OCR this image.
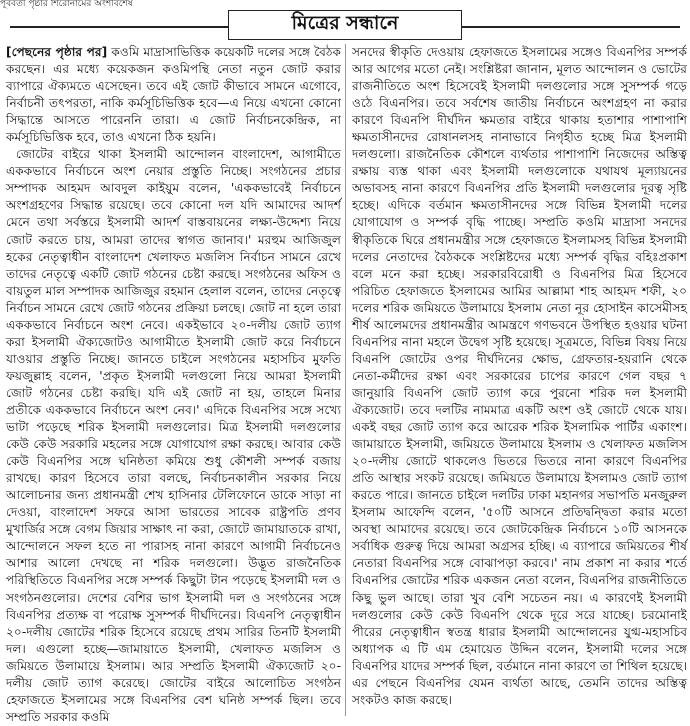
পূর্ববর্তী পৃষ্ঠার শিরোনামের অংশবিশেষ
মিত্রের সন্ধানে

[পেছনের পৃষ্ঠার পর] কওমি মাদ্রাসাভিত্তিক কয়েকটি দলের সঙ্গে বৈঠক করছেন। এর মধ্যে কয়েকজন কওমিপন্থি নেতা নতুন জোট করার ব্যাপারে ঐক্যমতে এসেছেন। তবে এই জোট কীভাবে সামনে এগোবে, নির্বাচনী তৎপরতা, নাকি কর্মসূচিভিত্তিক হবে—এ নিয়ে এখনো কোনো সিদ্ধান্তে আসতে পারেননি তারা। এ জোট নির্বাচনকেন্দ্রিক, না কর্মসূচিভিত্তিক হবে, তাও এখনো ঠিক হয়নি।

জোটের বাইরে থাকা ইসলামী আন্দোলন বাংলাদেশ, আগামীতে এককভাবে নির্বাচনে অংশ নেয়ার প্রস্তুতি নিচ্ছে। সংগঠনের প্রচার সম্পাদক আহমদ আবদুল কাইয়ুম বলেন, 'এককভাবেই নির্বাচনে অংশগ্রহণের সিদ্ধান্ত রয়েছে। তবে কোনো দল যদি আমাদের আদর্শ মেনে তথা সর্বস্তরে ইসলামী আদর্শ বাস্তবায়নের লক্ষ্য-উদ্দেশ্য নিয়ে জোট করতে চায়, আমরা তাদের স্বাগত জানাব।' মরহুম আজিজুল হকের নেতৃত্বাধীন বাংলাদেশ খেলাফত মজলিস নির্বাচন সামনে রেখে তাদের নেতৃত্বে একটি জোট গঠনের চেষ্টা করছে। সংগঠনের অফিস ও বায়তুল মাল সম্পাদক আজিজুর রহমান হেলাল বলেন, তাদের নেতৃত্বে নির্বাচন সামনে রেখে জোট গঠনের প্রক্রিয়া চলছে। জোট না হলে তারা এককভাবে নির্বাচনে অংশ নেবে। একইভাবে ২০-দলীয় জোট ত্যাগ করা ইসলামী ঐক্যজোটও আগামীতে ইসলামী জোট করে নির্বাচনে যাওয়ার প্রস্তুতি নিচ্ছে। জানতে চাইলে সংগঠনের মহাসচিব মুফতি ফয়জুল্লাহ বলেন, 'প্রকৃত ইসলামী দলগুলো নিয়ে আমরা ইসলামী জোট গঠনের চেষ্টা করছি। যদি এই জোট না হয়, তাহলে মিনার প্রতীকে এককভাবে নির্বাচনে অংশ নেব।' এদিকে বিএনপির সঙ্গে সখ্যে ভাটা পড়েছে শরিক ইসলামী দলগুলোর। মিত্র ইসলামী দলগুলোর কেউ কেউ সরকারি মহলের সঙ্গে যোগাযোগ রক্ষা করছে। আবার কেউ কেউ বিএনপির সঙ্গে ঘনিষ্ঠতা কমিয়ে শুধু কৌশলী সম্পর্ক বজায় রাখছে। কারণ হিসেবে তারা বলছে, নির্বাচনকালীন সরকার নিয়ে আলোচনার জন্য প্রধানমন্ত্রী শেখ হাসিনার টেলিফোনে ডাকে সাড়া না দেওয়া, বাংলাদেশ সফরে আসা ভারতের সাবেক রাষ্ট্রপতি প্রণব মুখার্জির সঙ্গে বেগম জিয়ার সাক্ষাৎ না করা, জোটে জামায়াতকে রাখা, আন্দোলনে সফল হতে না পারাসহ নানা কারণে আগামী নির্বাচনেও আশার আলো দেখছে না শরিক দলগুলো। উদ্ভূত রাজনৈতিক পরিস্থিতিতে বিএনপির সঙ্গে সম্পর্ক কিছুটা টান পড়েছে ইসলামী দল ও সংগঠনগুলোর। দেশের বেশির ভাগ ইসলামী দল ও সংগঠনের সঙ্গে বিএনপির প্রত্যক্ষ বা পরোক্ষ সুসম্পর্ক দীর্ঘদিনের। বিএনপি নেতৃত্বাধীন ২০-দলীয় জোটের শরিক হিসেবে রয়েছে প্রথম সারির তিনটি ইসলামী দল। এগুলো হচ্ছে—জামায়াতে ইসলামী, খেলাফত মজলিস ও জমিয়তে উলামায়ে ইসলাম। আর সম্প্রতি ইসলামী ঐক্যজোট ২০-দলীয় জোট ত্যাগ করেছে। জোটের বাইরে আলোচিত সংগঠন হেফাজতে ইসলামের সঙ্গে বিএনপির বেশ ঘনিষ্ঠ সম্পর্ক ছিল। তবে সম্প্রতি সরকার কওমি

সনদের স্বীকৃতি দেওয়ায় হেফাজতে ইসলামের সঙ্গেও বিএনপির সম্পর্ক আর আগের মতো নেই। সংশ্লিষ্টরা জানান, মূলত আন্দোলন ও ভোটের রাজনীতিতে অংশ হিসেবেই ইসলামী দলগুলোর সঙ্গে সুসম্পর্ক গড়ে ওঠে বিএনপির। তবে সর্বশেষ জাতীয় নির্বাচনে অংশগ্রহণ না করার কারণে বিএনপি দীর্ঘদিন ক্ষমতার বাইরে থাকায় হতাশার পাশাপাশি ক্ষমতাসীনদের রোষানলসহ নানাভাবে নিগৃহীত হচ্ছে মিত্র ইসলামী দলগুলো। রাজনৈতিক কৌশলে ব্যর্থতার পাশাপাশি নিজেদের অস্তিত্ব রক্ষায় ব্যস্ত থাকা এবং ইসলামী দলগুলোকে যথাযথ মূল্যায়নের অভাবসহ নানা কারণে বিএনপির প্রতি ইসলামী দলগুলোর দূরত্ব সৃষ্টি হচ্ছে। এদিকে বর্তমান ক্ষমতাসীনদের সঙ্গে বিভিন্ন ইসলামী দলের যোগাযোগ ও সম্পর্ক বৃদ্ধি পাচ্ছে। সম্প্রতি কওমি মাদ্রাসা সনদের স্বীকৃতিকে ঘিরে প্রধানমন্ত্রীর সঙ্গে হেফাজতে ইসলামসহ বিভিন্ন ইসলামী দলের নেতাদের বৈঠককে সংশ্লিষ্টদের মধ্যে সম্পর্ক বৃদ্ধির বহিঃপ্রকাশ বলে মনে করা হচ্ছে। সরকারবিরোধী ও বিএনপির মিত্র হিসেবে পরিচিত হেফাজতে ইসলামের আমির আল্লামা শাহ আহমদ শফী, ২০ দলের শরিক জমিয়তে উলামায়ে ইসলাম নেতা নূর হোসাইন কাসেমীসহ শীর্ষ আলেমদের প্রধানমন্ত্রীর আমন্ত্রণে গণভবনে উপস্থিত হওয়ার ঘটনা বিএনপির নানা মহলে উদ্বেগ সৃষ্টি হয়েছে। সূত্রমতে, বিভিন্ন বিষয় নিয়ে বিএনপি জোটের ওপর দীর্ঘদিনের ক্ষোভ, গ্রেফতার-হয়রানি থেকে নেতা-কর্মীদের রক্ষা এবং সরকারের চাপের কারণে গেল বছর ৭ জানুয়ারি বিএনপি জোট ত্যাগ করে পুরনো শরিক দল ইসলামী ঐক্যজোট। তবে দলটির নামমাত্র একটি অংশ ওই জোটে থেকে যায়। একই বছর জোট ত্যাগ করে আরেক শরিক ইসলামিক পার্টির একাংশ। জামায়াতে ইসলামী, জমিয়তে উলামায়ে ইসলাম ও খেলাফত মজলিস ২০-দলীয় জোটে থাকলেও ভিতরে ভিতরে নানা কারণে বিএনপির প্রতি আস্থার সংকট রয়েছে। জমিয়তে উলামায়ে ইসলামও জোট ত্যাগ করতে পারে। জানতে চাইলে দলটির ঢাকা মহানগর সভাপতি মনজুরুল ইসলাম আফেন্দি বলেন, '৫০টি আসনে প্রতিদ্বন্দ্বিতা করার মতো অবস্থা আমাদের রয়েছে। তবে জোটকেন্দ্রিক নির্বাচনে ১০টি আসনকে সর্বাধিক গুরুত্ব দিয়ে আমরা অগ্রসর হচ্ছি। এ ব্যাপারে জমিয়তের শীর্ষ নেতারা বিএনপির সঙ্গে বোঝাপড়া করবে।' নাম প্রকাশ না করার শর্তে বিএনপির জোটের শরিক একজন নেতা বলেন, বিএনপির রাজনীতিতে কিছু ভুল আছে। তারা খুব বেশি সচেতন নয়। এ কারণেই ইসলামী দলগুলোর কেউ কেউ বিএনপি থেকে দূরে সরে যাচ্ছে। চরমোনাই পীরের নেতৃত্বাধীন স্বতন্ত্র ধারার ইসলামী আন্দোলনের যুগ্ম-মহাসচিব অধ্যাপক এ টি এম হেমায়েত উদ্দিন বলেন, ইসলামী দলের সঙ্গে বিএনপির যাদের সম্পর্ক ছিল, বর্তমানে নানা কারণে তা শিথিল হয়েছে। এর পেছনে বিএনপির যেমন ব্যর্থতা আছে, তেমনি তাদের অস্তিত্ব সংকটও কাজ করছে।
